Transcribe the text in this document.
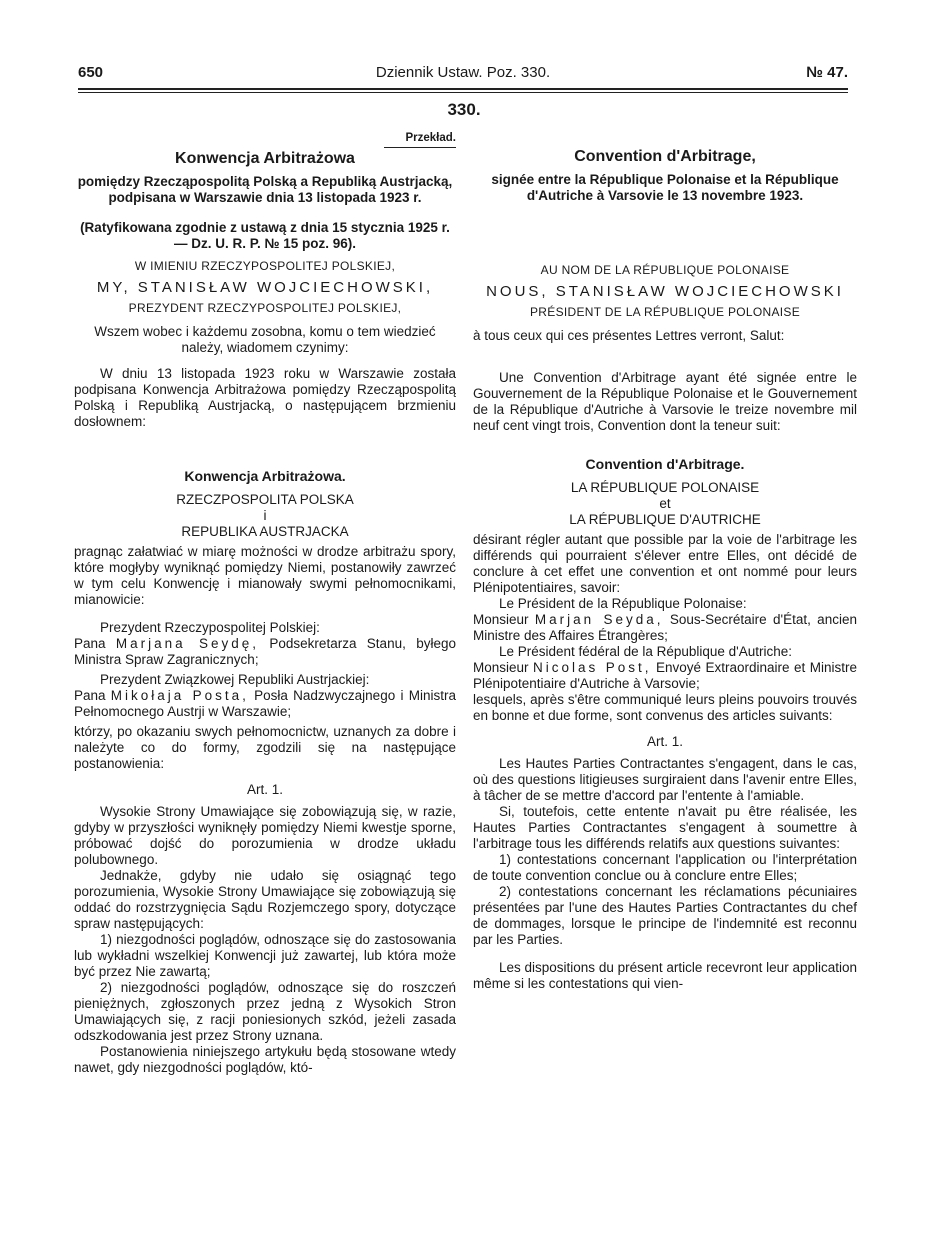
650	Dziennik Ustaw. Poz. 330.	№ 47.
330.
Przekład.
Konwencja Arbitrażowa

pomiędzy Rzecząpospolitą Polską a Republiką Austrjacką, podpisana w Warszawie dnia 13 listopada 1923 r.

(Ratyfikowana zgodnie z ustawą z dnia 15 stycznia 1925 r. — Dz. U. R. P. № 15 poz. 96).

W IMIENIU RZECZYPOSPOLITEJ POLSKIEJ,
MY, STANISŁAW WOJCIECHOWSKI,
PREZYDENT RZECZYPOSPOLITEJ POLSKIEJ,

Wszem wobec i każdemu zosobna, komu o tem wiedzieć należy, wiadomem czynimy:

W dniu 13 listopada 1923 roku w Warszawie została podpisana Konwencja Arbitrażowa pomiędzy Rzecząpospolitą Polską i Republiką Austrjacką, o następującem brzmieniu dosłownem:

Konwencja Arbitrażowa.
RZECZPOSPOLITA POLSKA
i
REPUBLIKA AUSTRJACKA

pragnąc załatwiać w miarę możności w drodze arbitrażu spory, które mogłyby wyniknąć pomiędzy Niemi, postanowiły zawrzeć w tym celu Konwencję i mianowały swymi pełnomocnikami, mianowicie:

Prezydent Rzeczypospolitej Polskiej:

Pana Marjana Seydę, Podsekretarza Stanu, byłego Ministra Spraw Zagranicznych;

Prezydent Związkowej Republiki Austrjackiej:

Pana Mikołaja Posta, Posła Nadzwyczajnego i Ministra Pełnomocnego Austrji w Warszawie;

którzy, po okazaniu swych pełnomocnictw, uznanych za dobre i należyte co do formy, zgodzili się na następujące postanowienia:

Art. 1.

Wysokie Strony Umawiające się zobowiązują się, w razie, gdyby w przyszłości wyniknęły pomiędzy Niemi kwestje sporne, próbować dojść do porozumienia w drodze układu polubownego.

Jednakże, gdyby nie udało się osiągnąć tego porozumienia, Wysokie Strony Umawiające się zobowiązują się oddać do rozstrzygnięcia Sądu Rozjemczego spory, dotyczące spraw następujących:

1) niezgodności poglądów, odnoszące się do zastosowania lub wykładni wszelkiej Konwencji już zawartej, lub która może być przez Nie zawartą;

2) niezgodności poglądów, odnoszące się do roszczeń pieniężnych, zgłoszonych przez jedną z Wysokich Stron Umawiających się, z racji poniesionych szkód, jeżeli zasada odszkodowania jest przez Strony uznana.

Postanowienia niniejszego artykułu będą stosowane wtedy nawet, gdy niezgodności poglądów, któ-

Convention d'Arbitrage,

signée entre la République Polonaise et la République d'Autriche à Varsovie le 13 novembre 1923.

AU NOM DE LA RÉPUBLIQUE POLONAISE
NOUS, STANISŁAW WOJCIECHOWSKI
PRÉSIDENT DE LA RÉPUBLIQUE POLONAISE

à tous ceux qui ces présentes Lettres verront, Salut:

Une Convention d'Arbitrage ayant été signée entre le Gouvernement de la République Polonaise et le Gouvernement de la République d'Autriche à Varsovie le treize novembre mil neuf cent vingt trois, Convention dont la teneur suit:

Convention d'Arbitrage.
LA RÉPUBLIQUE POLONAISE
et
LA RÉPUBLIQUE D'AUTRICHE

désirant régler autant que possible par la voie de l'arbitrage les différends qui pourraient s'élever entre Elles, ont décidé de conclure à cet effet une convention et ont nommé pour leurs Plénipotentiaires, savoir:

Le Président de la République Polonaise:

Monsieur Marjan Seyda, Sous-Secrétaire d'État, ancien Ministre des Affaires Étrangères;

Le Président fédéral de la République d'Autriche:

Monsieur Nicolas Post, Envoyé Extraordinaire et Ministre Plénipotentiaire d'Autriche à Varsovie;

lesquels, après s'être communiqué leurs pleins pouvoirs trouvés en bonne et due forme, sont convenus des articles suivants:

Art. 1.

Les Hautes Parties Contractantes s'engagent, dans le cas, où des questions litigieuses surgiraient dans l'avenir entre Elles, à tâcher de se mettre d'accord par l'entente à l'amiable.

Si, toutefois, cette entente n'avait pu être réalisée, les Hautes Parties Contractantes s'engagent à soumettre à l'arbitrage tous les différends relatifs aux questions suivantes:

1) contestations concernant l'application ou l'interprétation de toute convention conclue ou à conclure entre Elles;

2) contestations concernant les réclamations pécuniaires présentées par l'une des Hautes Parties Contractantes du chef de dommages, lorsque le principe de l'indemnité est reconnu par les Parties.

Les dispositions du présent article recevront leur application même si les contestations qui vien-
